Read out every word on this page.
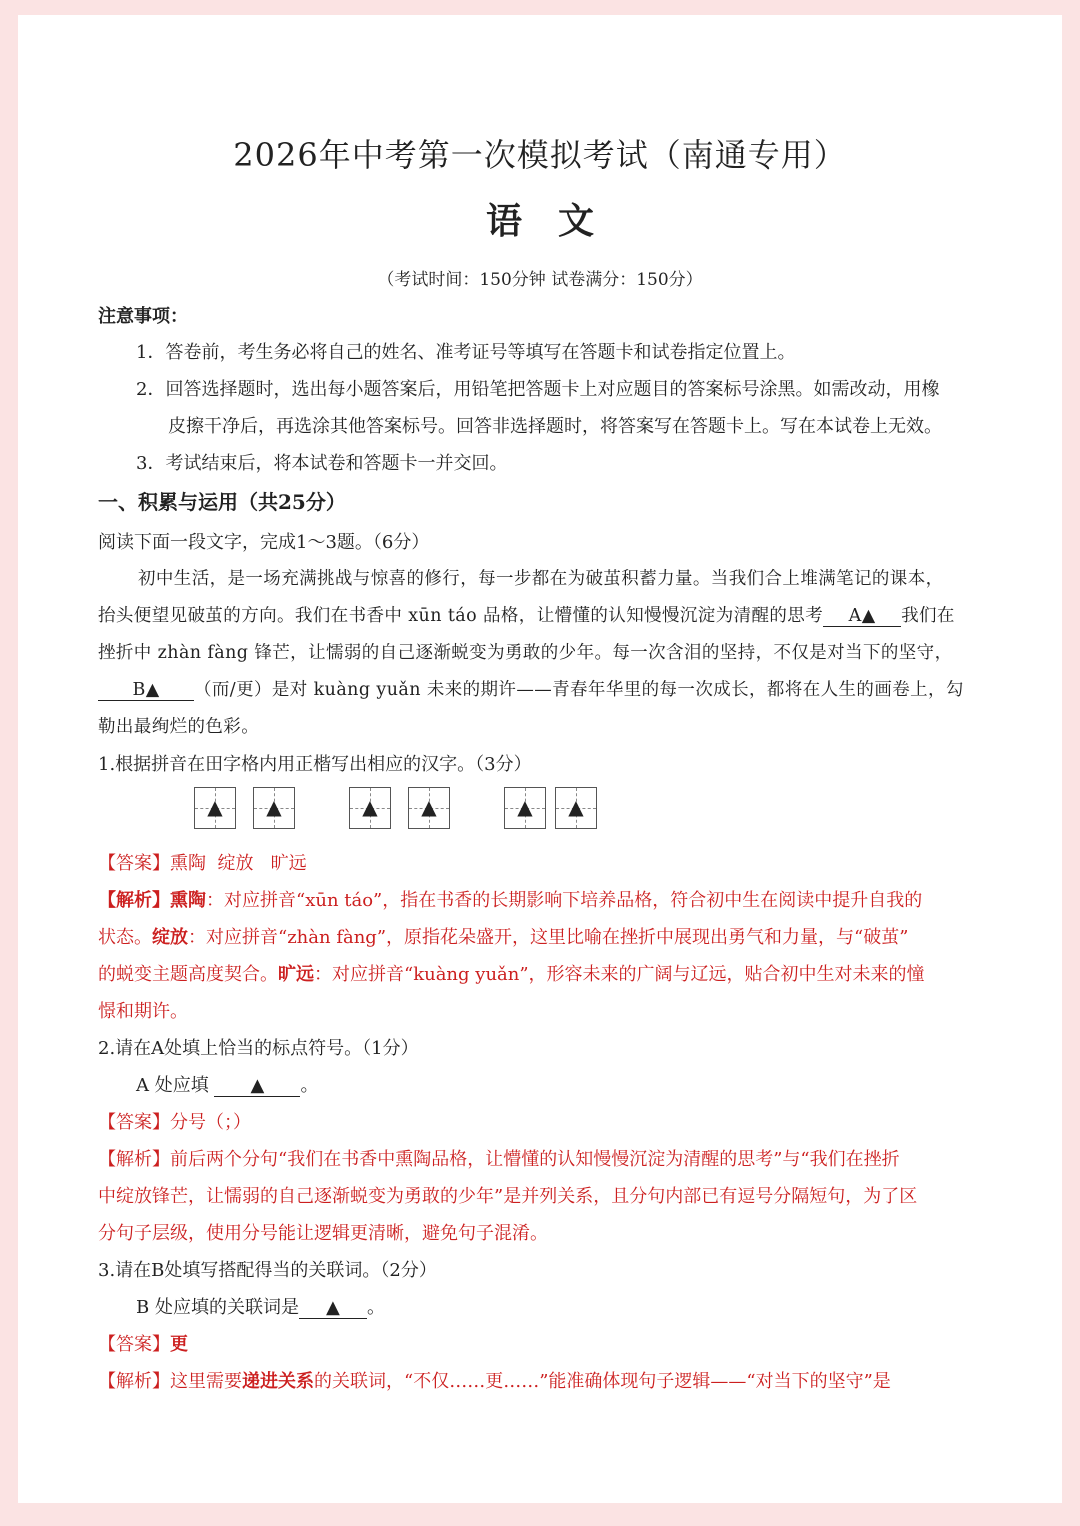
2026年中考第一次模拟考试（南通专用）
语文
（考试时间：150分钟 试卷满分：150分）
注意事项：
1．答卷前，考生务必将自己的姓名、准考证号等填写在答题卡和试卷指定位置上。
2．回答选择题时，选出每小题答案后，用铅笔把答题卡上对应题目的答案标号涂黑。如需改动，用橡
皮擦干净后，再选涂其他答案标号。回答非选择题时，将答案写在答题卡上。写在本试卷上无效。
3．考试结束后，将本试卷和答题卡一并交回。
一、积累与运用（共25分）
阅读下面一段文字，完成1～3题。（6分）
初中生活，是一场充满挑战与惊喜的修行，每一步都在为破茧积蓄力量。当我们合上堆满笔记的课本，
抬头便望见破茧的方向。我们在书香中 xūn táo 品格，让懵懂的认知慢慢沉淀为清醒的思考 A▲ 我们在
挫折中 zhàn fàng 锋芒，让懦弱的自己逐渐蜕变为勇敢的少年。每一次含泪的坚持，不仅是对当下的坚守，
B▲ （而/更）是对 kuàng yuǎn 未来的期许——青春年华里的每一次成长，都将在人生的画卷上，勾
勒出最绚烂的色彩。
1.根据拼音在田字格内用正楷写出相应的汉字。（3分）
▲	▲	▲	▲	▲	▲
【答案】熏陶  绽放   旷远
【解析】熏陶：对应拼音“xūn táo”，指在书香的长期影响下培养品格，符合初中生在阅读中提升自我的
状态。绽放：对应拼音“zhàn fàng”，原指花朵盛开，这里比喻在挫折中展现出勇气和力量，与“破茧”
的蜕变主题高度契合。旷远：对应拼音“kuàng yuǎn”，形容未来的广阔与辽远，贴合初中生对未来的憧
憬和期许。
2.请在A处填上恰当的标点符号。（1分）
A 处应填 ▲ 。
【答案】分号（；）
【解析】前后两个分句“我们在书香中熏陶品格，让懵懂的认知慢慢沉淀为清醒的思考”与“我们在挫折
中绽放锋芒，让懦弱的自己逐渐蜕变为勇敢的少年”是并列关系，且分句内部已有逗号分隔短句，为了区
分句子层级，使用分号能让逻辑更清晰，避免句子混淆。
3.请在B处填写搭配得当的关联词。（2分）
B 处应填的关联词是 ▲ 。
【答案】更
【解析】这里需要递进关系的关联词，“不仅……更……”能准确体现句子逻辑——“对当下的坚守”是
